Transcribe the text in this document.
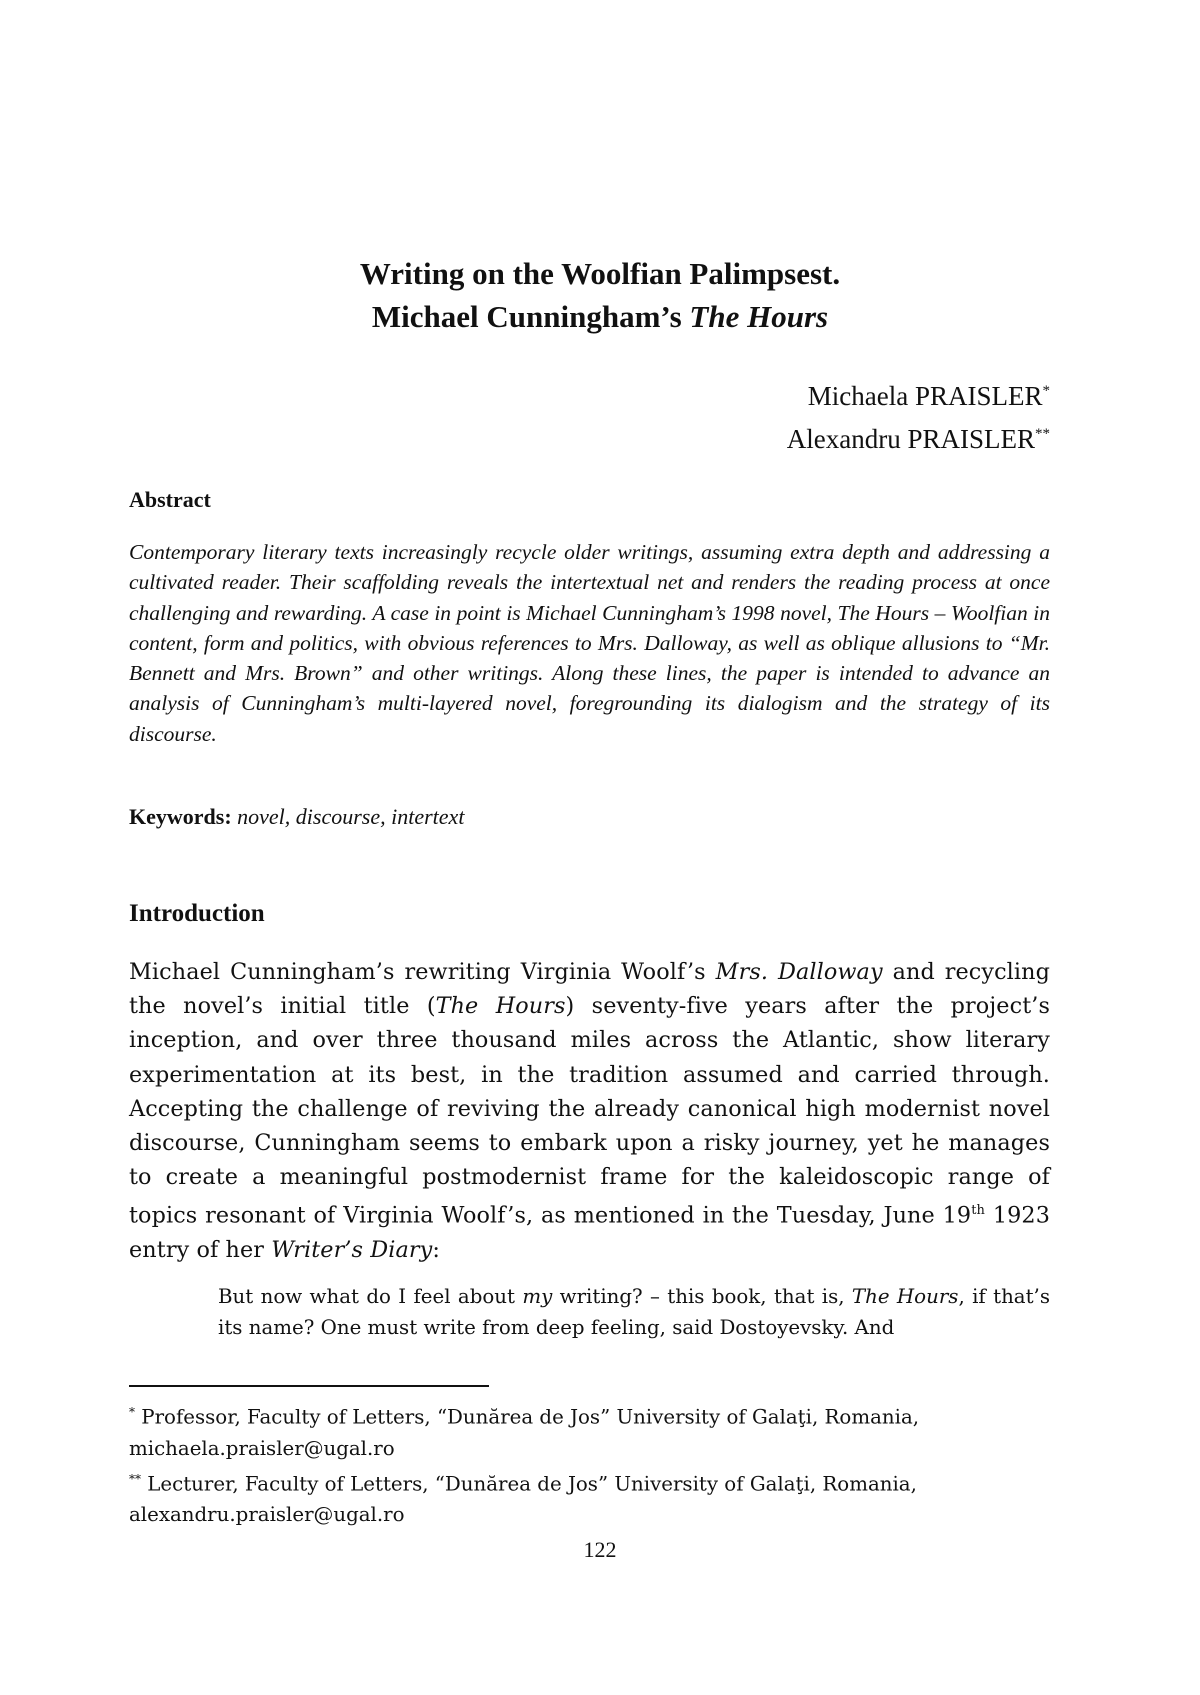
Writing on the Woolfian Palimpsest.
Michael Cunningham’s The Hours
Michaela PRAISLER*
Alexandru PRAISLER**
Abstract

Contemporary literary texts increasingly recycle older writings, assuming extra depth and addressing a cultivated reader. Their scaffolding reveals the intertextual net and renders the reading process at once challenging and rewarding. A case in point is Michael Cunningham’s 1998 novel, The Hours – Woolfian in content, form and politics, with obvious references to Mrs. Dalloway, as well as oblique allusions to “Mr. Bennett and Mrs. Brown” and other writings. Along these lines, the paper is intended to advance an analysis of Cunningham’s multi-layered novel, foregrounding its dialogism and the strategy of its discourse.

Keywords: novel, discourse, intertext
Introduction

Michael Cunningham’s rewriting Virginia Woolf’s Mrs. Dalloway and recycling the novel’s initial title (The Hours) seventy-five years after the project’s inception, and over three thousand miles across the Atlantic, show literary experimentation at its best, in the tradition assumed and carried through. Accepting the challenge of reviving the already canonical high modernist novel discourse, Cunningham seems to embark upon a risky journey, yet he manages to create a meaningful postmodernist frame for the kaleidoscopic range of topics resonant of Virginia Woolf’s, as mentioned in the Tuesday, June 19th 1923 entry of her Writer’s Diary:

But now what do I feel about my writing? – this book, that is, The Hours, if that’s its name? One must write from deep feeling, said Dostoyevsky. And

* Professor, Faculty of Letters, “Dunărea de Jos” University of Galaţi, Romania, michaela.praisler@ugal.ro

** Lecturer, Faculty of Letters, “Dunărea de Jos” University of Galaţi, Romania, alexandru.praisler@ugal.ro

122
